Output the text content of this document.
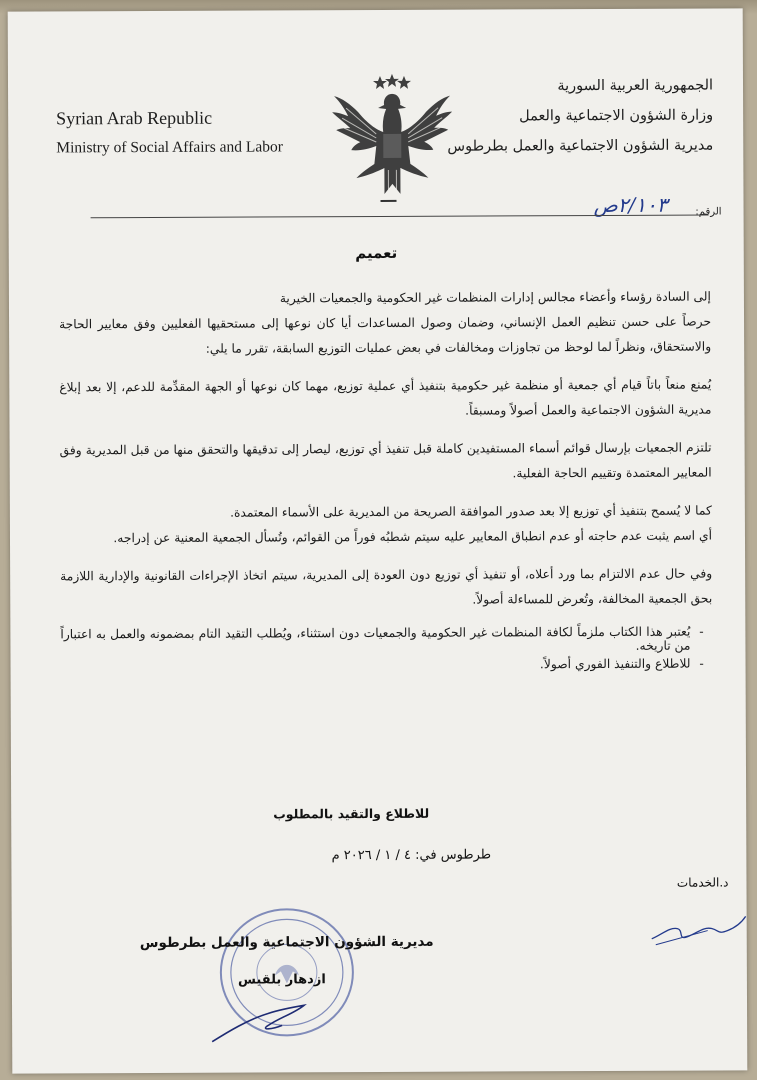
Syrian Arab Republic
Ministry of Social Affairs and Labor
الجمهورية العربية السورية
وزارة الشؤون الاجتماعية والعمل
مديرية الشؤون الاجتماعية والعمل بطرطوس
٢/١٠٣ص	الرقم:
تعميم

إلى السادة رؤساء وأعضاء مجالس إدارات المنظمات غير الحكومية والجمعيات الخيرية

حرصاً على حسن تنظيم العمل الإنساني، وضمان وصول المساعدات أيا كان نوعها إلى مستحقيها الفعليين وفق معايير الحاجة والاستحقاق، ونظراً لما لوحظ من تجاوزات ومخالفات في بعض عمليات التوزيع السابقة، تقرر ما يلي:

يُمنع منعاً باتاً قيام أي جمعية أو منظمة غير حكومية بتنفيذ أي عملية توزيع، مهما كان نوعها أو الجهة المقدِّمة للدعم، إلا بعد إبلاغ مديرية الشؤون الاجتماعية والعمل أصولاً ومسبقاً.

تلتزم الجمعيات بإرسال قوائم أسماء المستفيدين كاملة قبل تنفيذ أي توزيع، ليصار إلى تدقيقها والتحقق منها من قبل المديرية وفق المعايير المعتمدة وتقييم الحاجة الفعلية.

كما لا يُسمح بتنفيذ أي توزيع إلا بعد صدور الموافقة الصريحة من المديرية على الأسماء المعتمدة.

أي اسم يثبت عدم حاجته أو عدم انطباق المعايير عليه سيتم شطبُه فوراً من القوائم، وتُسأل الجمعية المعنية عن إدراجه.

وفي حال عدم الالتزام بما ورد أعلاه، أو تنفيذ أي توزيع دون العودة إلى المديرية، سيتم اتخاذ الإجراءات القانونية والإدارية اللازمة بحق الجمعية المخالفة، وتُعرض للمساءلة أصولاً.

-
يُعتبر هذا الكتاب ملزماً لكافة المنظمات غير الحكومية والجمعيات دون استثناء، ويُطلب التقيد التام بمضمونه والعمل به اعتباراً من تاريخه.
-
للاطلاع والتنفيذ الفوري أصولاً.
للاطلاع والتقيد بالمطلوب
طرطوس في: ٤ / ١ / ٢٠٢٦ م
د.الخدمات
مديرية الشؤون الاجتماعية والعمل بطرطوس
ازدهار بلقيس
